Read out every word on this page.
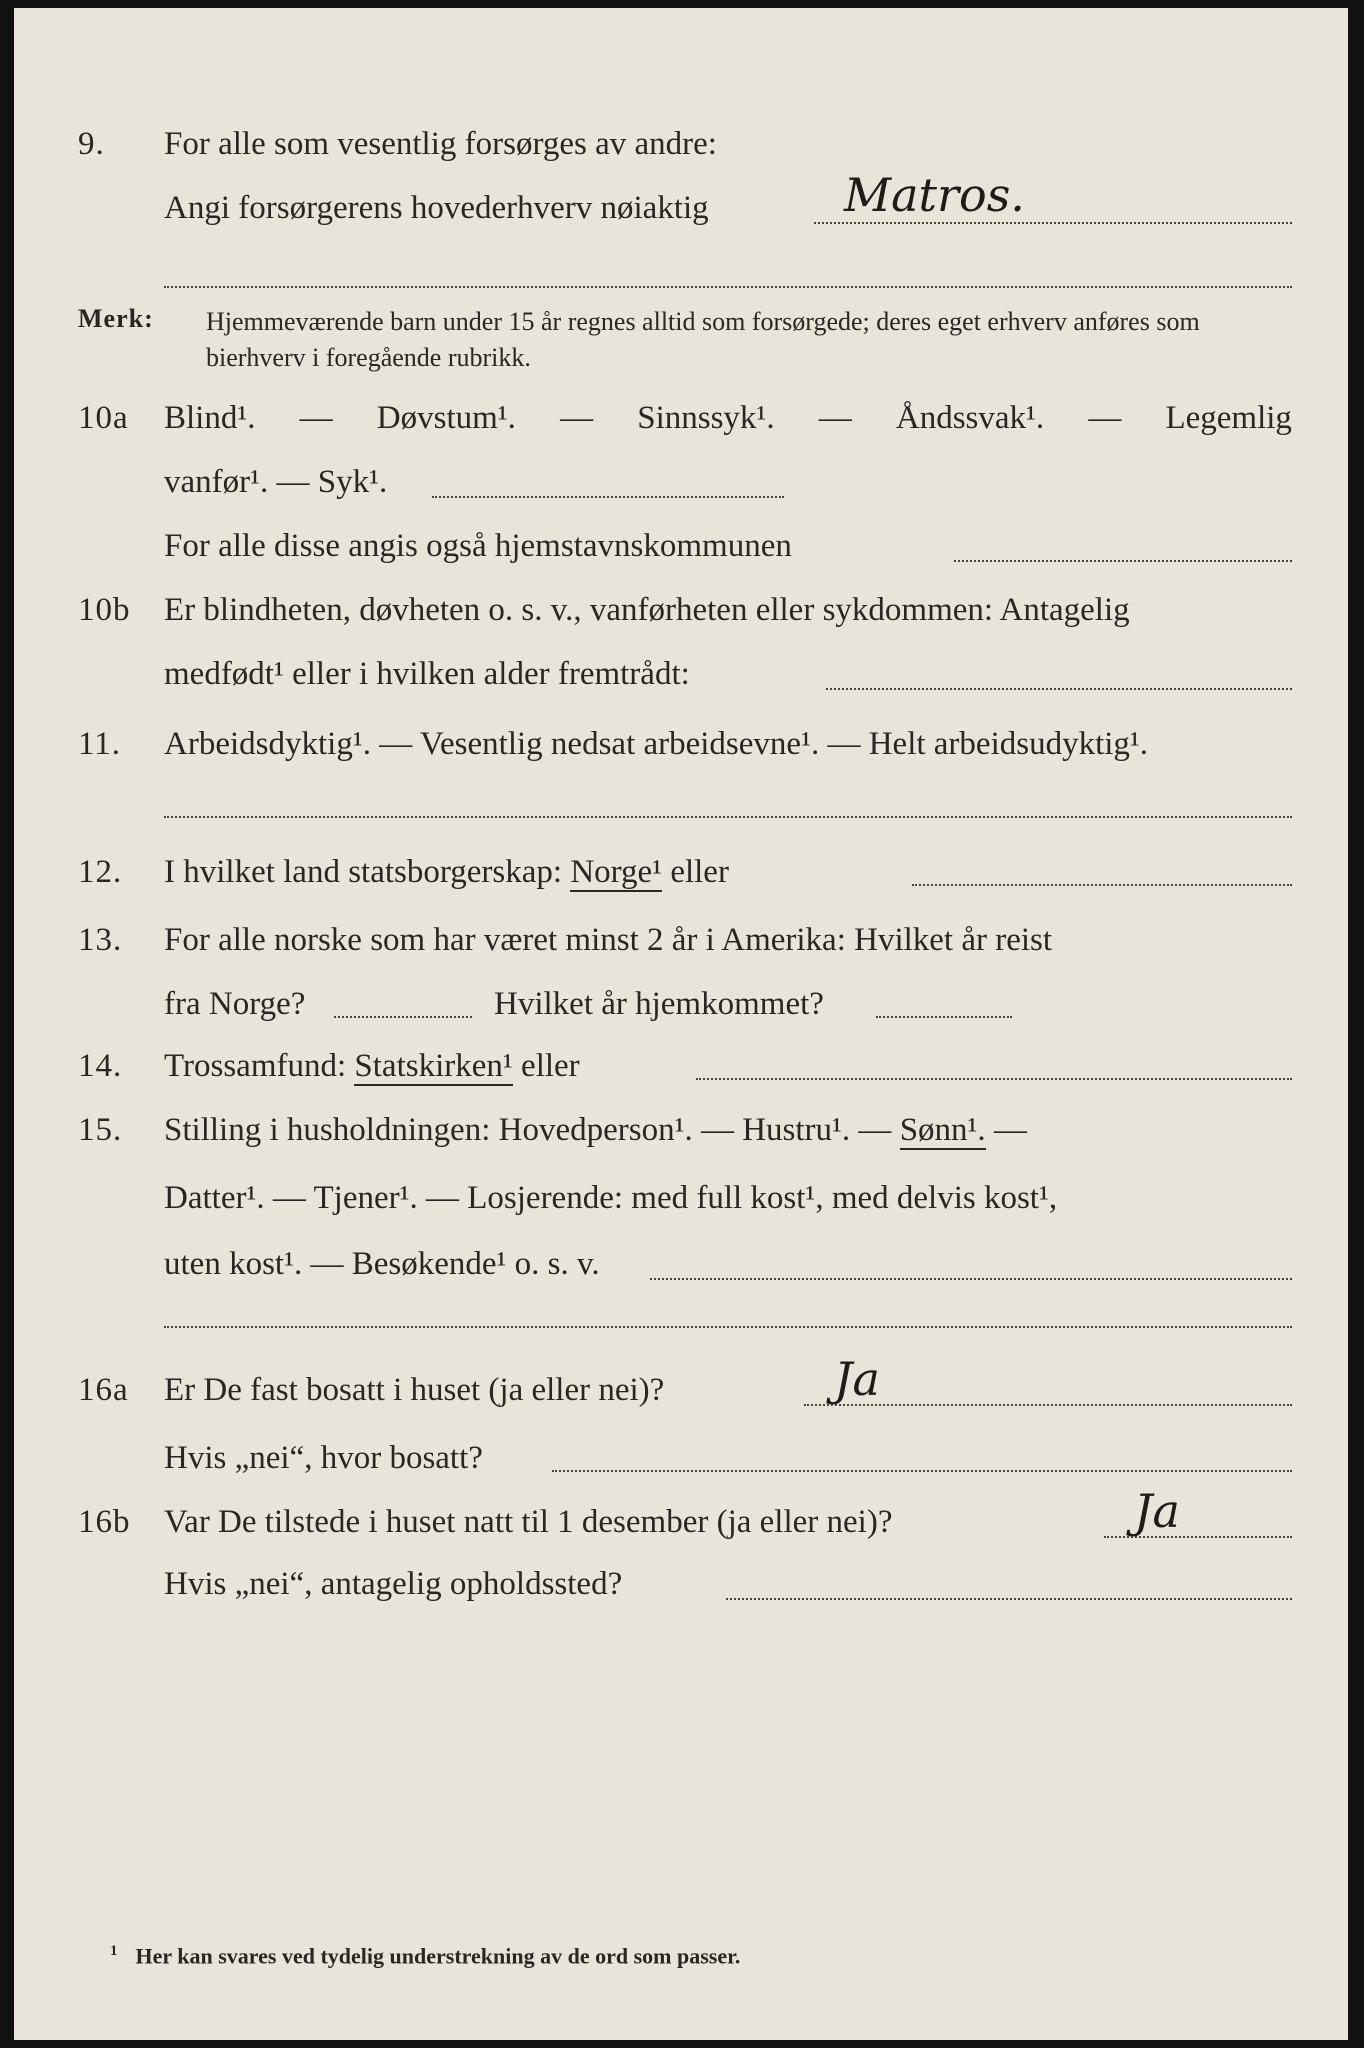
9. For alle som vesentlig forsørges av andre:
Angi forsørgerens hovederhverv nøiaktig	Matros.
Merk: Hjemmeværende barn under 15 år regnes alltid som forsørgede; deres eget erhverv anføres som bierhverv i foregående rubrikk.
10a Blind¹. — Døvstum¹. — Sinnssyk¹. — Åndssvak¹. — Legemlig
vanfør¹. — Syk¹.
For alle disse angis også hjemstavnskommunen
10b Er blindheten, døvheten o. s. v., vanførheten eller sykdommen: Antagelig
medfødt¹ eller i hvilken alder fremtrådt:
11. Arbeidsdyktig¹. — Vesentlig nedsat arbeidsevne¹. — Helt arbeidsudyktig¹.
12. I hvilket land statsborgerskap: Norge¹ eller
13. For alle norske som har været minst 2 år i Amerika: Hvilket år reist
fra Norge?	Hvilket år hjemkommet?
14. Trossamfund: Statskirken¹ eller
15. Stilling i husholdningen: Hovedperson¹. — Hustru¹. — Sønn¹. —
Datter¹. — Tjener¹. — Losjerende: med full kost¹, med delvis kost¹,
uten kost¹. — Besøkende¹ o. s. v.
16a Er De fast bosatt i huset (ja eller nei)?	Ja
Hvis „nei“, hvor bosatt?
16b Var De tilstede i huset natt til 1 desember (ja eller nei)?	Ja
Hvis „nei“, antagelig opholdssted?
$^1$ Her kan svares ved tydelig understrekning av de ord som passer.
